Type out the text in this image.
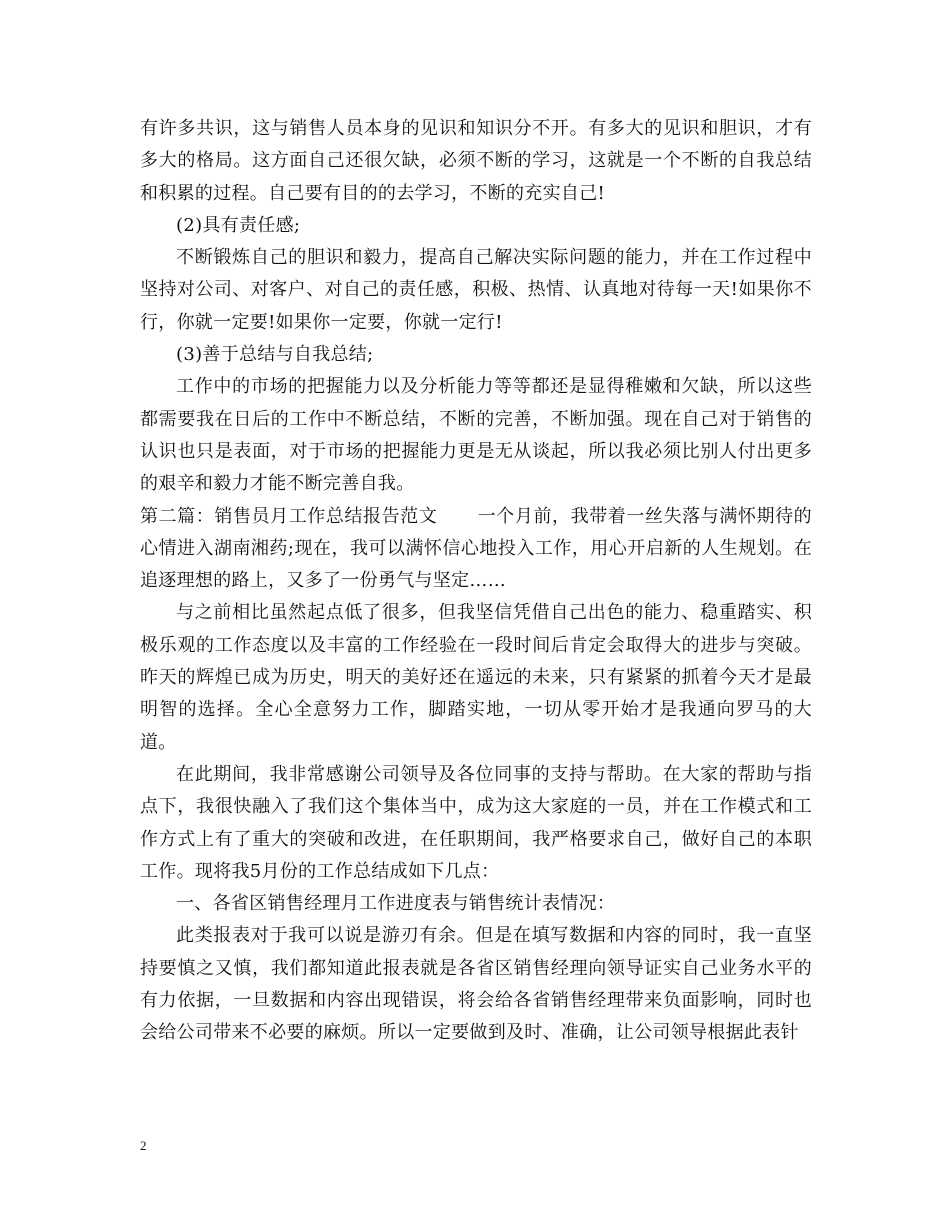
有许多共识，这与销售人员本身的见识和知识分不开。有多大的见识和胆识，才有多大的格局。这方面自己还很欠缺，必须不断的学习，这就是一个不断的自我总结和积累的过程。自己要有目的的去学习，不断的充实自己!

(2)具有责任感;

不断锻炼自己的胆识和毅力，提高自己解决实际问题的能力，并在工作过程中坚持对公司、对客户、对自己的责任感，积极、热情、认真地对待每一天!如果你不行，你就一定要!如果你一定要，你就一定行!

(3)善于总结与自我总结;

工作中的市场的把握能力以及分析能力等等都还是显得稚嫩和欠缺，所以这些都需要我在日后的工作中不断总结，不断的完善，不断加强。现在自己对于销售的认识也只是表面，对于市场的把握能力更是无从谈起，所以我必须比别人付出更多的艰辛和毅力才能不断完善自我。

第二篇：销售员月工作总结报告范文 一个月前，我带着一丝失落与满怀期待的心情进入湖南湘药;现在，我可以满怀信心地投入工作，用心开启新的人生规划。在追逐理想的路上，又多了一份勇气与坚定……

与之前相比虽然起点低了很多，但我坚信凭借自己出色的能力、稳重踏实、积极乐观的工作态度以及丰富的工作经验在一段时间后肯定会取得大的进步与突破。昨天的辉煌已成为历史，明天的美好还在遥远的未来，只有紧紧的抓着今天才是最明智的选择。全心全意努力工作，脚踏实地，一切从零开始才是我通向罗马的大道。

在此期间，我非常感谢公司领导及各位同事的支持与帮助。在大家的帮助与指点下，我很快融入了我们这个集体当中，成为这大家庭的一员，并在工作模式和工作方式上有了重大的突破和改进，在任职期间，我严格要求自己，做好自己的本职工作。现将我5月份的工作总结成如下几点：

一、各省区销售经理月工作进度表与销售统计表情况：

此类报表对于我可以说是游刃有余。但是在填写数据和内容的同时，我一直坚持要慎之又慎，我们都知道此报表就是各省区销售经理向领导证实自己业务水平的有力依据，一旦数据和内容出现错误，将会给各省销售经理带来负面影响，同时也会给公司带来不必要的麻烦。所以一定要做到及时、准确，让公司领导根据此表针

2
